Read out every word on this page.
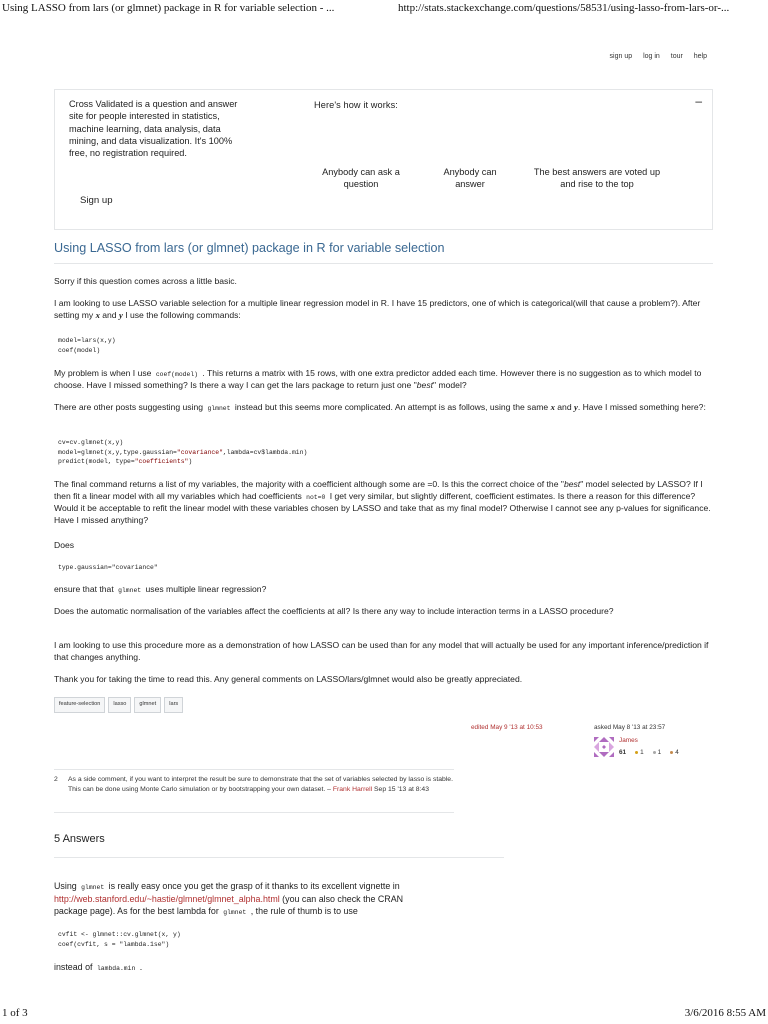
Using LASSO from lars (or glmnet) package in R for variable selection - ...	http://stats.stackexchange.com/questions/58531/using-lasso-from-lars-or-...
sign up log in tour help
Cross Validated is a question and answer site for people interested in statistics, machine learning, data analysis, data mining, and data visualization. It's 100% free, no registration required.
Sign up
Here's how it works:	–
Anybody can ask a question
Anybody can answer
The best answers are voted up and rise to the top
Using LASSO from lars (or glmnet) package in R for variable selection
Sorry if this question comes across a little basic.
I am looking to use LASSO variable selection for a multiple linear regression model in R. I have 15 predictors, one of which is categorical(will that cause a problem?). After setting my x and y I use the following commands:
model=lars(x,y)
coef(model)
My problem is when I use coef(model) . This returns a matrix with 15 rows, with one extra predictor added each time. However there is no suggestion as to which model to choose. Have I missed something? Is there a way I can get the lars package to return just one "best" model?
There are other posts suggesting using glmnet instead but this seems more complicated. An attempt is as follows, using the same x and y. Have I missed something here?:
cv=cv.glmnet(x,y)
model=glmnet(x,y,type.gaussian="covariance",lambda=cv$lambda.min)
predict(model, type="coefficients")
The final command returns a list of my variables, the majority with a coefficient although some are =0. Is this the correct choice of the "best" model selected by LASSO? If I then fit a linear model with all my variables which had coefficients not=0 I get very similar, but slightly different, coefficient estimates. Is there a reason for this difference? Would it be acceptable to refit the linear model with these variables chosen by LASSO and take that as my final model? Otherwise I cannot see any p-values for significance. Have I missed anything?
Does
type.gaussian="covariance"
ensure that that glmnet uses multiple linear regression?
Does the automatic normalisation of the variables affect the coefficients at all? Is there any way to include interaction terms in a LASSO procedure?
I am looking to use this procedure more as a demonstration of how LASSO can be used than for any model that will actually be used for any important inference/prediction if that changes anything.
Thank you for taking the time to read this. Any general comments on LASSO/lars/glmnet would also be greatly appreciated.
feature-selection lasso glmnet lars
edited May 9 '13 at 10:53	asked May 8 '13 at 23:57
James
61 1 1 4
2 As a side comment, if you want to interpret the result be sure to demonstrate that the set of variables selected by lasso is stable. This can be done using Monte Carlo simulation or by bootstrapping your own dataset. – Frank Harrell Sep 15 '13 at 8:43
5 Answers
Using glmnet is really easy once you get the grasp of it thanks to its excellent vignette in http://web.stanford.edu/~hastie/glmnet/glmnet_alpha.html (you can also check the CRAN package page). As for the best lambda for glmnet , the rule of thumb is to use
cvfit <- glmnet::cv.glmnet(x, y)
coef(cvfit, s = "lambda.1se")
instead of lambda.min .
1 of 3	3/6/2016 8:55 AM
